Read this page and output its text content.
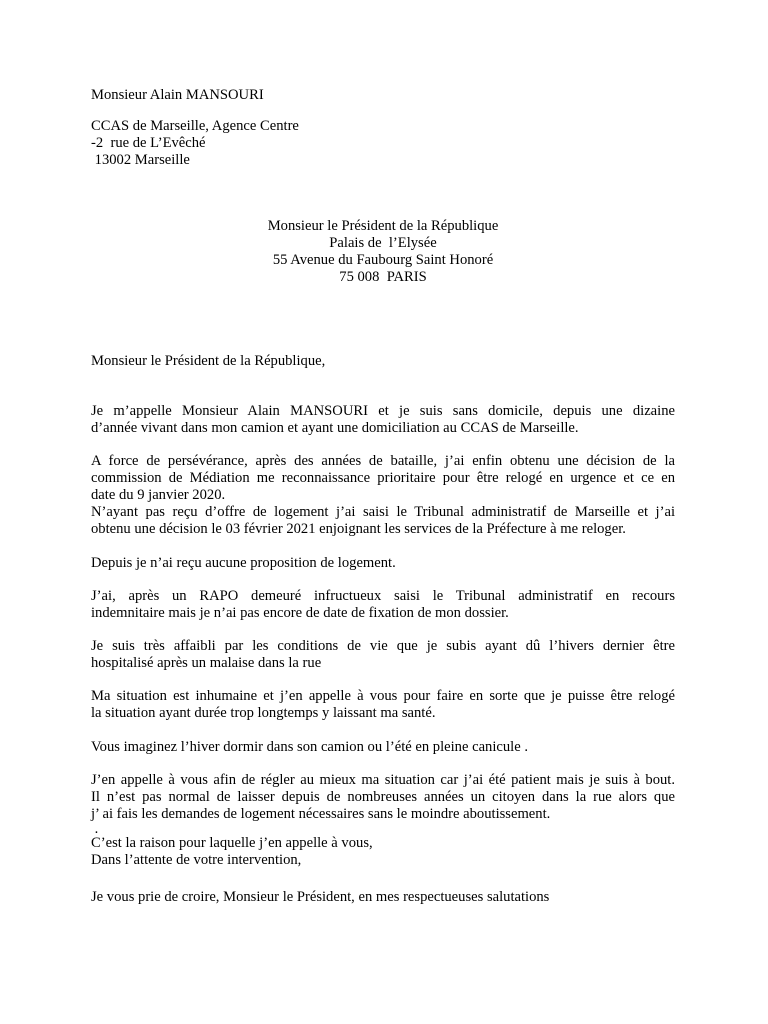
Monsieur Alain MANSOURI
CCAS de Marseille, Agence Centre
-2  rue de L’Evêché
13002 Marseille
Monsieur le Président de la République
Palais de  l’Elysée
55 Avenue du Faubourg Saint Honoré
75 008  PARIS
Monsieur le Président de la République,
Je m’appelle Monsieur Alain MANSOURI et je suis sans domicile, depuis une dizaine
d’année vivant dans mon camion et ayant une domiciliation au CCAS de Marseille.
A force de persévérance, après des années de bataille, j’ai enfin obtenu une décision de la
commission de Médiation me reconnaissance prioritaire pour être relogé en urgence et ce en
date du 9 janvier 2020.
N’ayant pas reçu d’offre de logement j’ai saisi le Tribunal administratif de Marseille et j’ai
obtenu une décision le 03 février 2021 enjoignant les services de la Préfecture à me reloger.
Depuis je n’ai reçu aucune proposition de logement.
J’ai, après un RAPO demeuré infructueux saisi le Tribunal administratif en recours
indemnitaire mais je n’ai pas encore de date de fixation de mon dossier.
Je suis très affaibli par les conditions de vie que je subis ayant dû l’hivers dernier être
hospitalisé après un malaise dans la rue
Ma situation est inhumaine et j’en appelle à vous pour faire en sorte que je puisse être relogé
la situation ayant durée trop longtemps y laissant ma santé.
Vous imaginez l’hiver dormir dans son camion ou l’été en pleine canicule .
J’en appelle à vous afin de régler au mieux ma situation car j’ai été patient mais je suis à bout.
Il n’est pas normal de laisser depuis de nombreuses années un citoyen dans la rue alors que
j’ ai fais les demandes de logement nécessaires sans le moindre aboutissement.
.
C’est la raison pour laquelle j’en appelle à vous,
Dans l’attente de votre intervention,
Je vous prie de croire, Monsieur le Président, en mes respectueuses salutations
